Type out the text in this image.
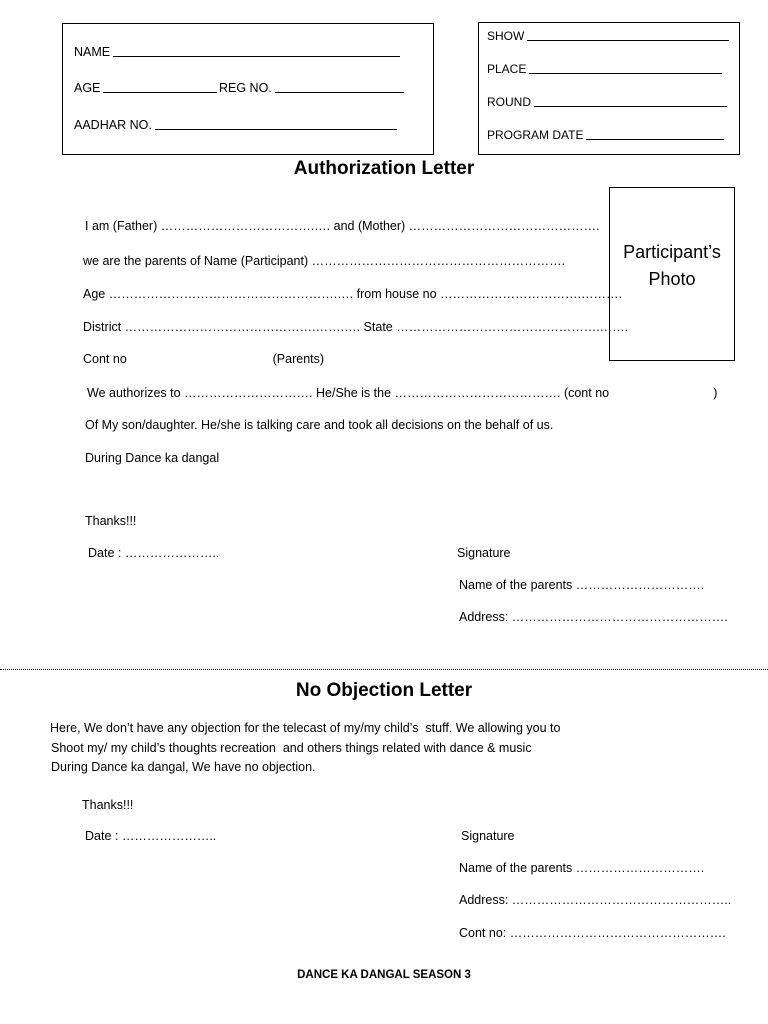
NAME
AGE	REG NO.
AADHAR NO.
SHOW
PLACE
ROUND
PROGRAM DATE
Authorization Letter
Participant’s
Photo
I am (Father) ……………………………….…. and (Mother) ……………………………………….
we are the parents of Name (Participant) …………………………………………………….
Age ……………………………………………….…. from house no …………………………….……….
District ……………………………………….…….…. State ………………………………………….…….
Cont no                                          (Parents)
We authorizes to …………………………. He/She is the …………………………………. (cont no                              )
Of My son/daughter. He/she is talking care and took all decisions on the behalf of us.
During Dance ka dangal
Thanks!!!
Date : …………………..	Signature
Name of the parents ………………………….
Address: …………………………………………….
No Objection Letter
Here, We don’t have any objection for the telecast of my/my child’s  stuff. We allowing you to
Shoot my/ my child’s thoughts recreation  and others things related with dance & music
During Dance ka dangal, We have no objection.
Thanks!!!
Date : …………………..	Signature
Name of the parents ………………………….
Address: ……………………………………………..
Cont no: …………………………………………….
DANCE KA DANGAL SEASON 3
